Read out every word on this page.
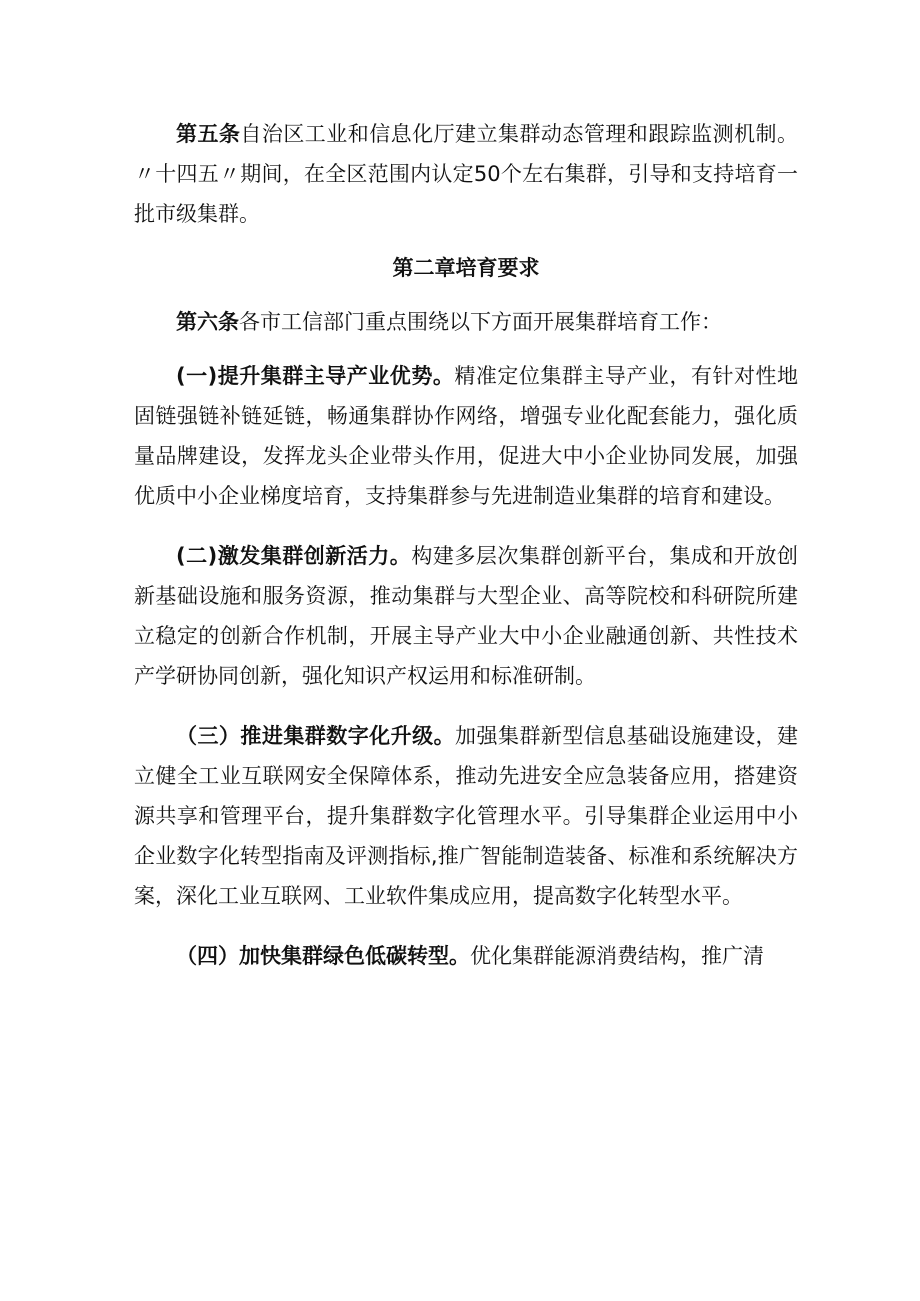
第五条自治区工业和信息化厅建立集群动态管理和跟踪监测机制。〃十四五〃期间，在全区范围内认定50个左右集群，引导和支持培育一批市级集群。

第二章培育要求

第六条各市工信部门重点围绕以下方面开展集群培育工作：

(一)提升集群主导产业优势。精准定位集群主导产业，有针对性地固链强链补链延链，畅通集群协作网络，增强专业化配套能力，强化质量品牌建设，发挥龙头企业带头作用，促进大中小企业协同发展，加强优质中小企业梯度培育，支持集群参与先进制造业集群的培育和建设。

(二)激发集群创新活力。构建多层次集群创新平台，集成和开放创新基础设施和服务资源，推动集群与大型企业、高等院校和科研院所建立稳定的创新合作机制，开展主导产业大中小企业融通创新、共性技术产学研协同创新，强化知识产权运用和标准研制。

（三）推进集群数字化升级。加强集群新型信息基础设施建设，建立健全工业互联网安全保障体系，推动先进安全应急装备应用，搭建资源共享和管理平台，提升集群数字化管理水平。引导集群企业运用中小企业数字化转型指南及评测指标,推广智能制造装备、标准和系统解决方案，深化工业互联网、工业软件集成应用，提高数字化转型水平。

（四）加快集群绿色低碳转型。优化集群能源消费结构，推广清
